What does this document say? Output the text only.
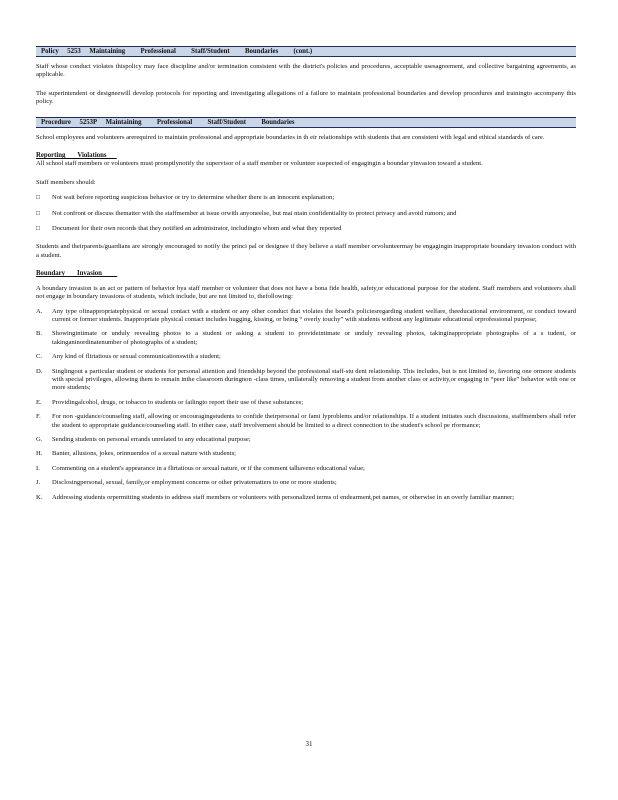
Policy     5253     Maintaining         Professional         Staff/Student         Boundaries         (cont.)

Staff whose conduct violates thispolicy may face discipline and/or termination consistent with the district's policies and procedures, acceptable usesagreement, and collective bargaining agreements, as applicable.

The superintendent or designeewill develop protocols for reporting and investigating allegations of a failure to maintain professional boundaries and develop procedures and trainingto accompany this policy.

Procedure     5253P     Maintaining         Professional         Staff/Student         Boundaries

School employees and volunteers arerequired to maintain professional and appropriate boundaries in th eir relationships with students that are consistent with legal and ethical standards of care.

Reporting       Violations

All school staff members or volunteers must promptlynotify the supervisor of a staff member or volunteer suspected of engagingin a boundar yinvasion toward a student.

Staff members should:

□	Not wait before reporting suspicious behavior or try to determine whether there is an innocent explanation;
□	Not confront or discuss thematter with the staffmember at issue orwith anyoneelse, but mai ntain confidentiality to protect privacy and avoid rumors; and
□	Document for their own records that they notified an administrator, includingto whom and what they reported

Students and theirparents/guardians are strongly encouraged to notify the princi pal or designee if they believe a staff member orvolunteermay be engagingin inappropriate boundary invasion conduct with a student.

Boundary       Invasion

A boundary invasion is an act or pattern of behavior bya staff member or volunteer that does not have a bona fide health, safety,or educational purpose for the student. Staff members and volunteers shall not engage in boundary invasions of students, which include, but are not limited to, thefollowing:

A.	Any type ofinappropriatephysical or sexual contact with a student or any other conduct that violates the board's policiesregarding student welfare, theeducational environment, or conduct toward current or former students. Inappropriate physical contact includes hugging, kissing, or being “ overly touchy” with students without any legitimate educational orprofessional purpose;
B.	Showingintimate or unduly revealing photos to a student or asking a student to provideintimate or unduly revealing photos, takinginappropriate photographs of a s tudent, or takinganinordinatenumber of photographs of a student;
C.	Any kind of flirtatious or sexual communicationswith a student;
D.	Singlingout a particular student or students for personal attention and friendship beyond the professional staff-stu dent relationship. This includes, but is not limited to, favoring one ormore students with special privileges, allowing them to remain inthe classroom duringnon -class times, unilaterally removing a student from another class or activity,or engaging in “peer like” behavior with one or more students;
E.	Providingalcohol, drugs, or tobacco to students or failingto report their use of these substances;
F.	For non -guidance/counseling staff, allowing or encouragingstudents to confide theirpersonal or fami lyproblems and/or relationships. If a student initiates such discussions, staffmembers shall refer the student to appropriate guidance/counseling staff. In either case, staff involvement should be limited to a direct connection to the student's school pe rformance;
G.	Sending students on personal errands unrelated to any educational purpose;
H.	Banter, allusions, jokes, orinnuendos of a sexual nature with students;
I.	Commenting on a student's appearance in a flirtatious or sexual nature, or if the comment talhaveno educational value;
J.	Disclosingpersonal, sexual, family,or employment concerns or other privatematters to one or more students;
K.	Addressing students orpermitting students to address staff members or volunteers with personalized terms of endearment,pet names, or otherwise in an overly familiar manner;
31
